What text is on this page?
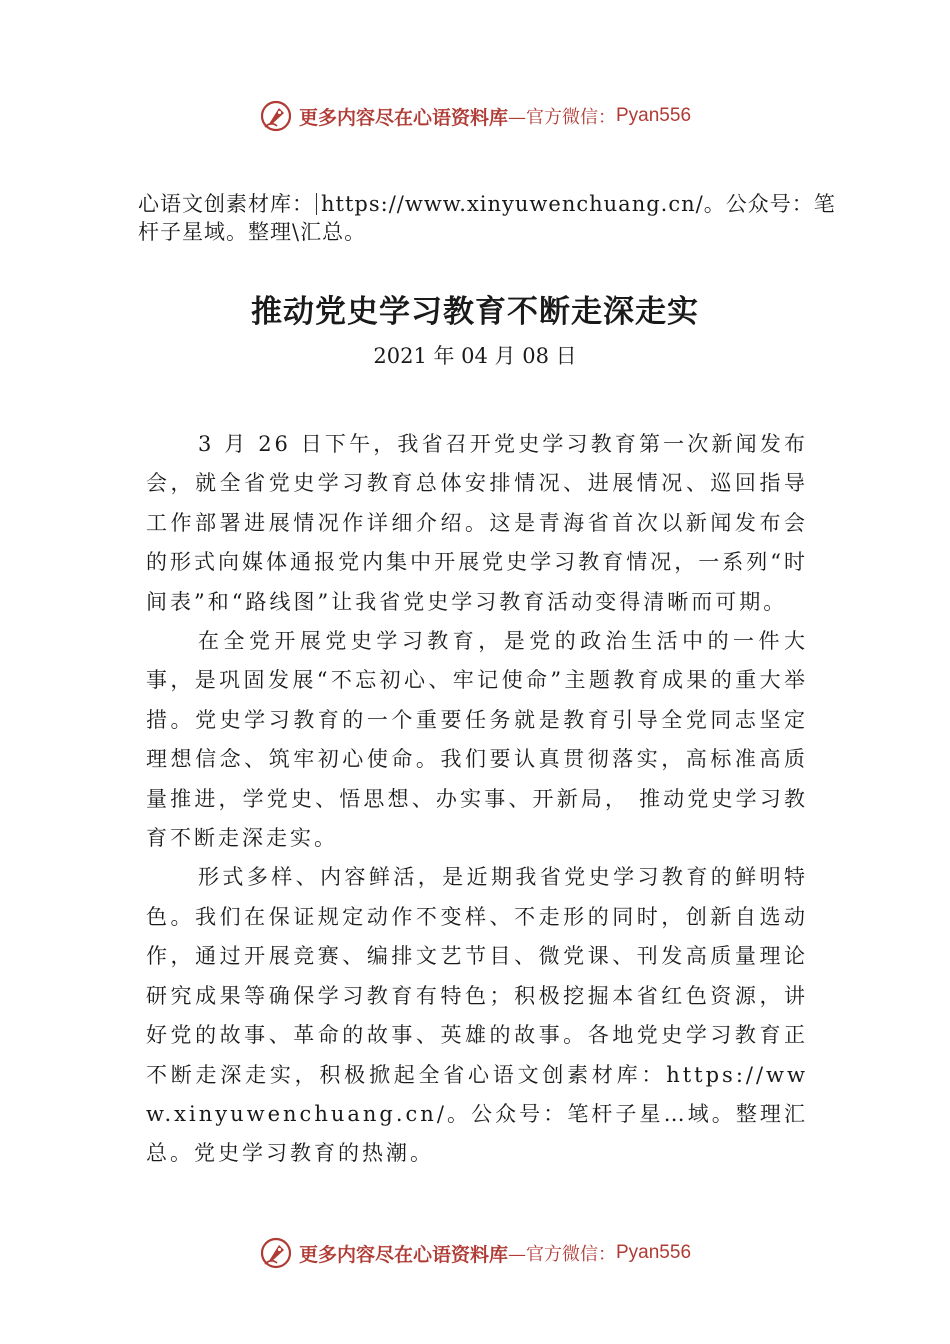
更多内容尽在心语资料库 —官方微信： Pyan556
心语文创素材库： https://www.xinyuwenchuang.cn/。公众号：笔杆子星域。整理\汇总。
推动党史学习教育不断走深走实
2021 年 04 月 08 日

3 月 26 日下午，我省召开党史学习教育第一次新闻发布会，就全省党史学习教育总体安排情况、进展情况、巡回指导工作部署进展情况作详细介绍。这是青海省首次以新闻发布会的形式向媒体通报党内集中开展党史学习教育情况，一系列“时间表”和“路线图”让我省党史学习教育活动变得清晰而可期。

在全党开展党史学习教育，是党的政治生活中的一件大事，是巩固发展“不忘初心、牢记使命”主题教育成果的重大举措。党史学习教育的一个重要任务就是教育引导全党同志坚定理想信念、筑牢初心使命。我们要认真贯彻落实，高标准高质量推进，学党史、悟思想、办实事、开新局， 推动党史学习教育不断走深走实。

形式多样、内容鲜活，是近期我省党史学习教育的鲜明特色。我们在保证规定动作不变样、不走形的同时，创新自选动作，通过开展竞赛、编排文艺节目、微党课、刊发高质量理论研究成果等确保学习教育有特色；积极挖掘本省红色资源，讲好党的故事、革命的故事、英雄的故事。各地党史学习教育正不断走深走实，积极掀起全省心语文创素材库：https://www.xinyuwenchuang.cn/。公众号：笔杆子星…域。整理汇总。党史学习教育的热潮。

更多内容尽在心语资料库 —官方微信： Pyan556
